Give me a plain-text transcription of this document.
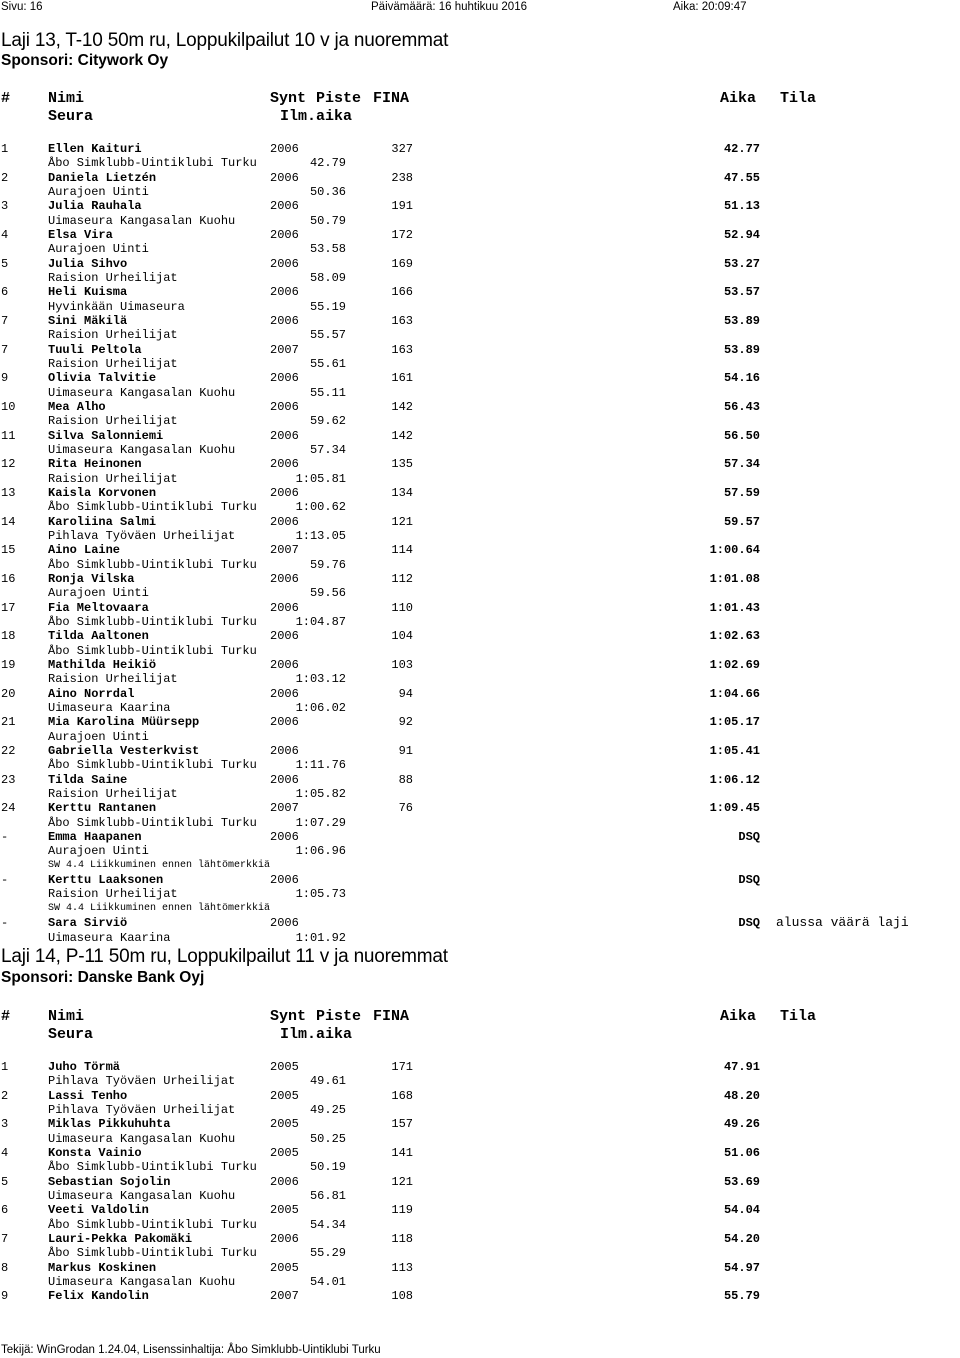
Sivu: 16	Päivämäärä: 16 huhtikuu 2016	Aika: 20:09:47
Laji 13, T-10 50m ru, Loppukilpailut 10 v ja nuoremmat
Sponsori: Citywork Oy
#	Nimi	Synt Piste FINA	Aika Tila
Seura	Ilm.aika
1	Ellen Kaituri	2006	327	42.77
Åbo Simklubb-Uintiklubi Turku	42.79
2	Daniela Lietzén	2006	238	47.55
Aurajoen Uinti	50.36
3	Julia Rauhala	2006	191	51.13
Uimaseura Kangasalan Kuohu	50.79
4	Elsa Vira	2006	172	52.94
Aurajoen Uinti	53.58
5	Julia Sihvo	2006	169	53.27
Raision Urheilijat	58.09
6	Heli Kuisma	2006	166	53.57
Hyvinkään Uimaseura	55.19
7	Sini Mäkilä	2006	163	53.89
Raision Urheilijat	55.57
7	Tuuli Peltola	2007	163	53.89
Raision Urheilijat	55.61
9	Olivia Talvitie	2006	161	54.16
Uimaseura Kangasalan Kuohu	55.11
10	Mea Alho	2006	142	56.43
Raision Urheilijat	59.62
11	Silva Salonniemi	2006	142	56.50
Uimaseura Kangasalan Kuohu	57.34
12	Rita Heinonen	2006	135	57.34
Raision Urheilijat	1:05.81
13	Kaisla Korvonen	2006	134	57.59
Åbo Simklubb-Uintiklubi Turku	1:00.62
14	Karoliina Salmi	2006	121	59.57
Pihlava Työväen Urheilijat	1:13.05
15	Aino Laine	2007	114	1:00.64
Åbo Simklubb-Uintiklubi Turku	59.76
16	Ronja Vilska	2006	112	1:01.08
Aurajoen Uinti	59.56
17	Fia Meltovaara	2006	110	1:01.43
Åbo Simklubb-Uintiklubi Turku	1:04.87
18	Tilda Aaltonen	2006	104	1:02.63
Åbo Simklubb-Uintiklubi Turku
19	Mathilda Heikiö	2006	103	1:02.69
Raision Urheilijat	1:03.12
20	Aino Norrdal	2006	94	1:04.66
Uimaseura Kaarina	1:06.02
21	Mia Karolina Müürsepp	2006	92	1:05.17
Aurajoen Uinti
22	Gabriella Vesterkvist	2006	91	1:05.41
Åbo Simklubb-Uintiklubi Turku	1:11.76
23	Tilda Saine	2006	88	1:06.12
Raision Urheilijat	1:05.82
24	Kerttu Rantanen	2007	76	1:09.45
Åbo Simklubb-Uintiklubi Turku	1:07.29
-	Emma Haapanen	2006	DSQ
Aurajoen Uinti	1:06.96
SW 4.4 Liikkuminen ennen lähtömerkkiä
-	Kerttu Laaksonen	2006	DSQ
Raision Urheilijat	1:05.73
SW 4.4 Liikkuminen ennen lähtömerkkiä
-	Sara Sirviö	2006	DSQ alussa väärä laji
Uimaseura Kaarina	1:01.92
Laji 14, P-11 50m ru, Loppukilpailut 11 v ja nuoremmat
Sponsori: Danske Bank Oyj
#	Nimi	Synt Piste FINA	Aika Tila
Seura	Ilm.aika
1	Juho Törmä	2005	171	47.91
Pihlava Työväen Urheilijat	49.61
2	Lassi Tenho	2005	168	48.20
Pihlava Työväen Urheilijat	49.25
3	Miklas Pikkuhuhta	2005	157	49.26
Uimaseura Kangasalan Kuohu	50.25
4	Konsta Vainio	2005	141	51.06
Åbo Simklubb-Uintiklubi Turku	50.19
5	Sebastian Sojolin	2006	121	53.69
Uimaseura Kangasalan Kuohu	56.81
6	Veeti Valdolin	2005	119	54.04
Åbo Simklubb-Uintiklubi Turku	54.34
7	Lauri-Pekka Pakomäki	2006	118	54.20
Åbo Simklubb-Uintiklubi Turku	55.29
8	Markus Koskinen	2005	113	54.97
Uimaseura Kangasalan Kuohu	54.01
9	Felix Kandolin	2007	108	55.79
Tekijä: WinGrodan 1.24.04, Lisenssinhaltija: Åbo Simklubb-Uintiklubi Turku
